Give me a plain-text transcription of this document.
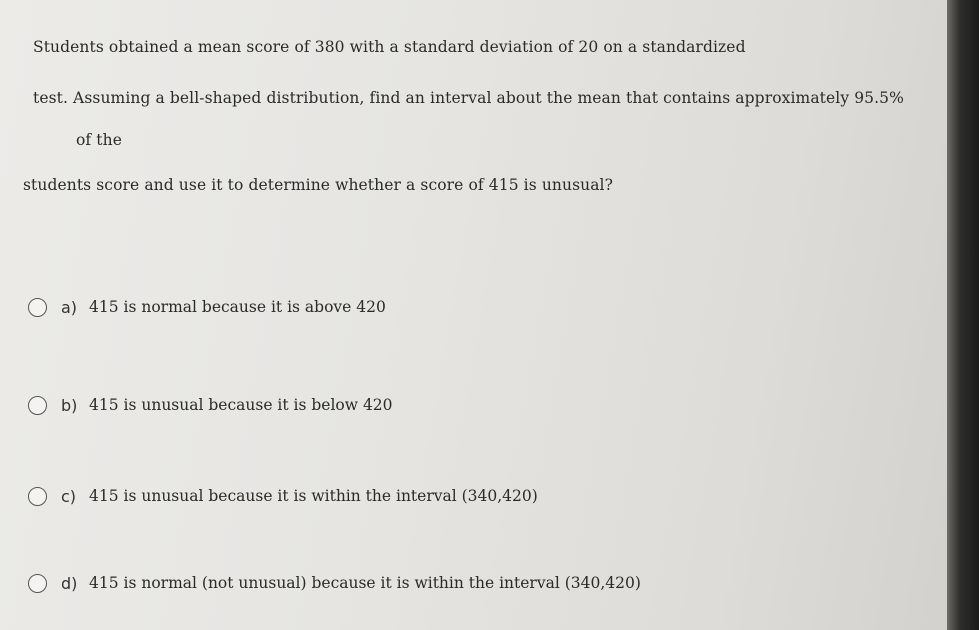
Students obtained a mean score of 380 with a standard deviation of 20 on a standardized
test. Assuming a bell-shaped distribution, find an interval about the mean that contains approximately 95.5%
of the
students score and use it to determine whether a score of 415 is unusual?
a) 415 is normal because it is above 420
b) 415 is unusual because it is below 420
c) 415 is unusual because it is within the interval (340,420)
d) 415 is normal (not unusual) because it is within the interval (340,420)
